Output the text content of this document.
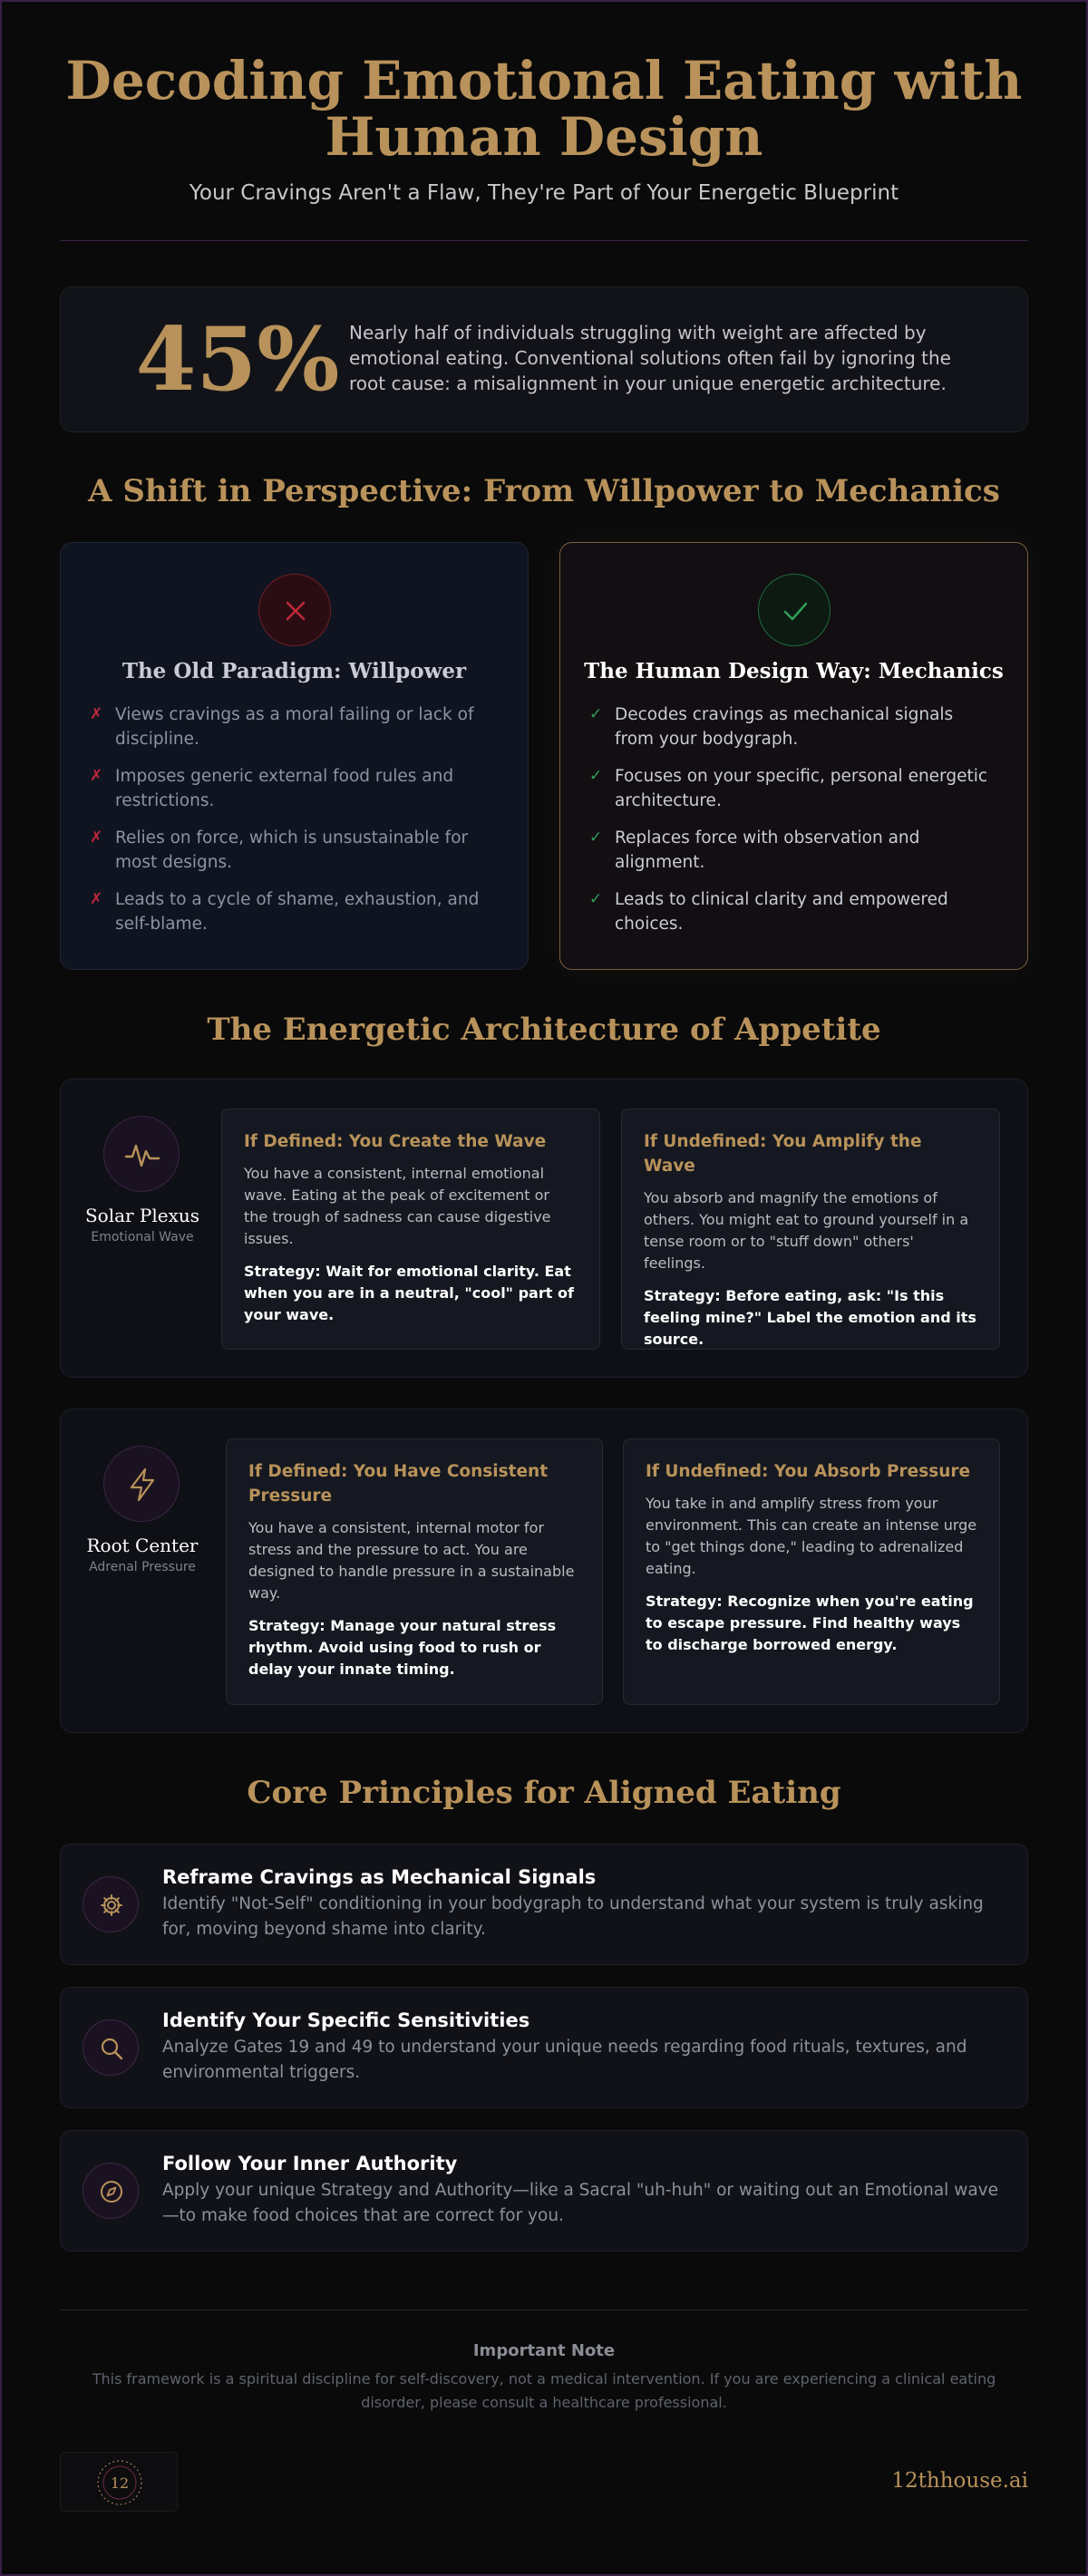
Decoding Emotional Eating with
Human Design
Your Cravings Aren't a Flaw, They're Part of Your Energetic Blueprint
45% Nearly half of individuals struggling with weight are affected by emotional eating. Conventional solutions often fail by ignoring the root cause: a misalignment in your unique energetic architecture.
A Shift in Perspective: From Willpower to Mechanics
The Old Paradigm: Willpower
✗ Views cravings as a moral failing or lack of discipline.
✗ Imposes generic external food rules and restrictions.
✗ Relies on force, which is unsustainable for most designs.
✗ Leads to a cycle of shame, exhaustion, and self-blame.
The Human Design Way: Mechanics
✓ Decodes cravings as mechanical signals from your bodygraph.
✓ Focuses on your specific, personal energetic architecture.
✓ Replaces force with observation and alignment.
✓ Leads to clinical clarity and empowered choices.
The Energetic Architecture of Appetite
Solar Plexus
Emotional Wave
If Defined: You Create the Wave

You have a consistent, internal emotional wave. Eating at the peak of excitement or the trough of sadness can cause digestive issues.

Strategy: Wait for emotional clarity. Eat when you are in a neutral, "cool" part of your wave.

If Undefined: You Amplify the Wave

You absorb and magnify the emotions of others. You might eat to ground yourself in a tense room or to "stuff down" others' feelings.

Strategy: Before eating, ask: "Is this feeling mine?" Label the emotion and its source.

Root Center
Adrenal Pressure
If Defined: You Have Consistent Pressure

You have a consistent, internal motor for stress and the pressure to act. You are designed to handle pressure in a sustainable way.

Strategy: Manage your natural stress rhythm. Avoid using food to rush or delay your innate timing.

If Undefined: You Absorb Pressure

You take in and amplify stress from your environment. This can create an intense urge to "get things done," leading to adrenalized eating.

Strategy: Recognize when you're eating to escape pressure. Find healthy ways to discharge borrowed energy.

Core Principles for Aligned Eating
Reframe Cravings as Mechanical Signals
Identify "Not-Self" conditioning in your bodygraph to understand what your system is truly asking for, moving beyond shame into clarity.
Identify Your Specific Sensitivities
Analyze Gates 19 and 49 to understand your unique needs regarding food rituals, textures, and environmental triggers.
Follow Your Inner Authority
Apply your unique Strategy and Authority—like a Sacral "uh-huh" or waiting out an Emotional wave—to make food choices that are correct for you.
Important Note
This framework is a spiritual discipline for self-discovery, not a medical intervention. If you are experiencing a clinical eating disorder, please consult a healthcare professional.
12	12thhouse.ai
